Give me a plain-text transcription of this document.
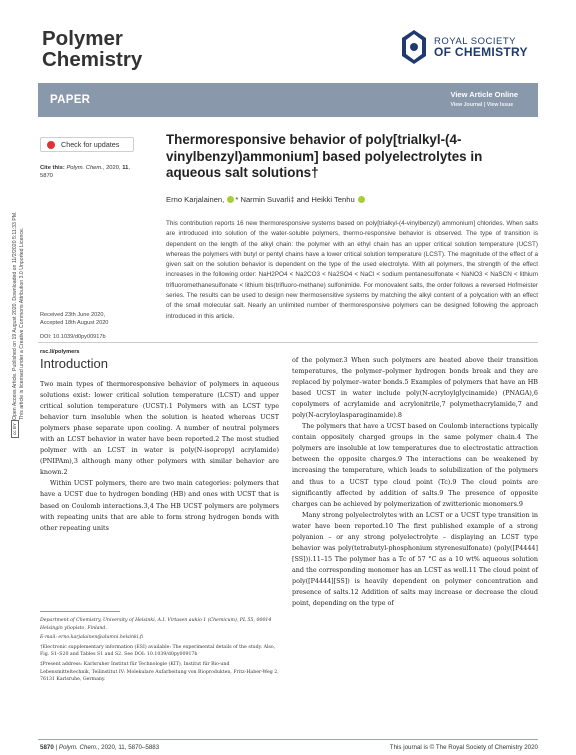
Polymer
Chemistry
ROYAL SOCIETY
OF CHEMISTRY
PAPER	View Article Online
View Journal | View Issue
Open Access Article. Published on 19 August 2020. Downloaded on 11/2/2020 5:11:33 PM. This article is licensed under a Creative Commons Attribution 3.0 Unported Licence.
cc BY
Check for updates
Cite this: Polym. Chem., 2020, 11, 5870
Received 23th June 2020,
Accepted 18th August 2020
DOI: 10.1039/d0py00917b
rsc.li/polymers
Thermoresponsive behavior of poly[trialkyl-(4-vinylbenzyl)ammonium] based polyelectrolytes in aqueous salt solutions†
Erno Karjalainen, * Narmin Suvarli‡ and Heikki Tenhu
This contribution reports 16 new thermoresponsive systems based on poly[trialkyl-(4-vinylbenzyl) ammonium] chlorides. When salts are introduced into solution of the water-soluble polymers, thermo-responsive behavior is observed. The type of transition is dependent on the length of the alkyl chain: the polymer with an ethyl chain has an upper critical solution temperature (UCST) whereas the polymers with butyl or pentyl chains have a lower critical solution temperature (LCST). The magnitude of the effect of a given salt on the solution behavior is dependent on the type of the used electrolyte. With all polymers, the strength of the effect increases in the following order: NaH2PO4 < Na2CO3 < Na2SO4 < NaCl < sodium pentanesulfonate < NaNO3 < NaSCN < lithium trifluoromethanesulfonate < lithium bis(trifluoro-methane) sulfonimide. For monovalent salts, the order follows a reversed Hofmeister series. The results can be used to design new thermosensitive systems by matching the alkyl content of a polycation with an effect of the small molecular salt. Nearly an unlimited number of thermoresponsive polymers can be designed following the approach introduced in this article.
Introduction

Two main types of thermoresponsive behavior of polymers in aqueous solutions exist: lower critical solution temperature (LCST) and upper critical solution temperature (UCST).1 Polymers with an LCST type behavior turn insoluble when the solution is heated whereas UCST polymers phase separate upon cooling. A number of neutral polymers with an LCST behavior in water have been reported.2 The most studied polymer with an LCST in water is poly(N-isopropyl acrylamide) (PNIPAm),3 although many other polymers with similar behavior are known.2

Within UCST polymers, there are two main categories: polymers that have a UCST due to hydrogen bonding (HB) and ones with UCST that is based on Coulomb interactions.3,4 The HB UCST polymers are polymers with repeating units that are able to form strong hydrogen bonds with other repeating units

of the polymer.3 When such polymers are heated above their transition temperatures, the polymer–polymer hydrogen bonds break and they are replaced by polymer–water bonds.5 Examples of polymers that have an HB based UCST in water include poly(N-acryloylglycinamide) (PNAGA),6 copolymers of acrylamide and acrylonitrile,7 polymethacrylamide,7 and poly(N-acryloylasparaginamide).8

The polymers that have a UCST based on Coulomb interactions typically contain oppositely charged groups in the same polymer chain.4 The polymers are insoluble at low temperatures due to electrostatic attraction between the opposite charges.9 The interactions can be weakened by increasing the temperature, which leads to solubilization of the polymers and thus to a UCST type cloud point (Tc).9 The cloud points are significantly affected by addition of salts.9 The presence of opposite charges can be achieved by polymerization of zwitterionic monomers.9

Many strong polyelectrolytes with an LCST or a UCST type transition in water have been reported.10 The first published example of a strong polyanion – or any strong polyelectrolyte – displaying an LCST type behavior was poly(tetrabutyl-phosphonium styrenesulfonate) (poly([P4444][SS])).11–15 The polymer has a Tc of 57 °C as a 10 wt% aqueous solution and the corresponding monomer has an LCST as well.11 The cloud point of poly([P4444][SS]) is heavily dependent on polymer concentration and presence of salts.12 Addition of salts may increase or decrease the cloud point, depending on the type of

Department of Chemistry, University of Helsinki, A.I. Virtasen aukio 1 (Chemicum), PL 55, 00014 Helsingin yliopisto, Finland.

E-mail: erno.karjalainen@alumni.helsinki.fi

†Electronic supplementary information (ESI) available: The experimental details of the study. Also, Fig. S1–S20 and Tables S1 and S2. See DOI: 10.1039/d0py00917b

‡Present address: Karlsruher Institut für Technologie (KIT), Institut für Bio-und Lebensmitteltechnik, Teilinstitut IV: Molekulare Aufarbeitung von Bioprodukten, Fritz-Haber-Weg 2, 76131 Karlsruhe, Germany.

5870 | Polym. Chem., 2020, 11, 5870–5883	This journal is © The Royal Society of Chemistry 2020
